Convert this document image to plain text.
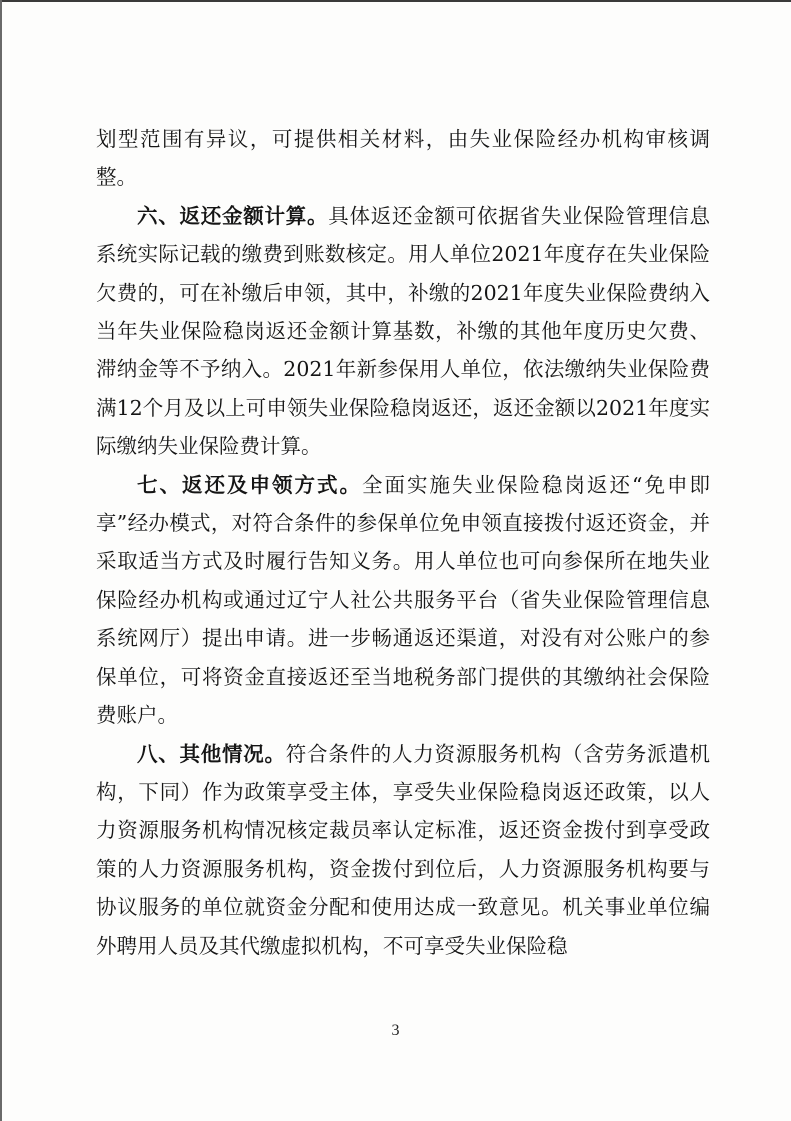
划型范围有异议，可提供相关材料，由失业保险经办机构审核调整。

六、返还金额计算。具体返还金额可依据省失业保险管理信息系统实际记载的缴费到账数核定。用人单位2021年度存在失业保险欠费的，可在补缴后申领，其中，补缴的2021年度失业保险费纳入当年失业保险稳岗返还金额计算基数，补缴的其他年度历史欠费、滞纳金等不予纳入。2021年新参保用人单位，依法缴纳失业保险费满12个月及以上可申领失业保险稳岗返还，返还金额以2021年度实际缴纳失业保险费计算。

七、返还及申领方式。全面实施失业保险稳岗返还“免申即享”经办模式，对符合条件的参保单位免申领直接拨付返还资金，并采取适当方式及时履行告知义务。用人单位也可向参保所在地失业保险经办机构或通过辽宁人社公共服务平台（省失业保险管理信息系统网厅）提出申请。进一步畅通返还渠道，对没有对公账户的参保单位，可将资金直接返还至当地税务部门提供的其缴纳社会保险费账户。

八、其他情况。符合条件的人力资源服务机构（含劳务派遣机构，下同）作为政策享受主体，享受失业保险稳岗返还政策，以人力资源服务机构情况核定裁员率认定标准，返还资金拨付到享受政策的人力资源服务机构，资金拨付到位后，人力资源服务机构要与协议服务的单位就资金分配和使用达成一致意见。机关事业单位编外聘用人员及其代缴虚拟机构，不可享受失业保险稳

3
